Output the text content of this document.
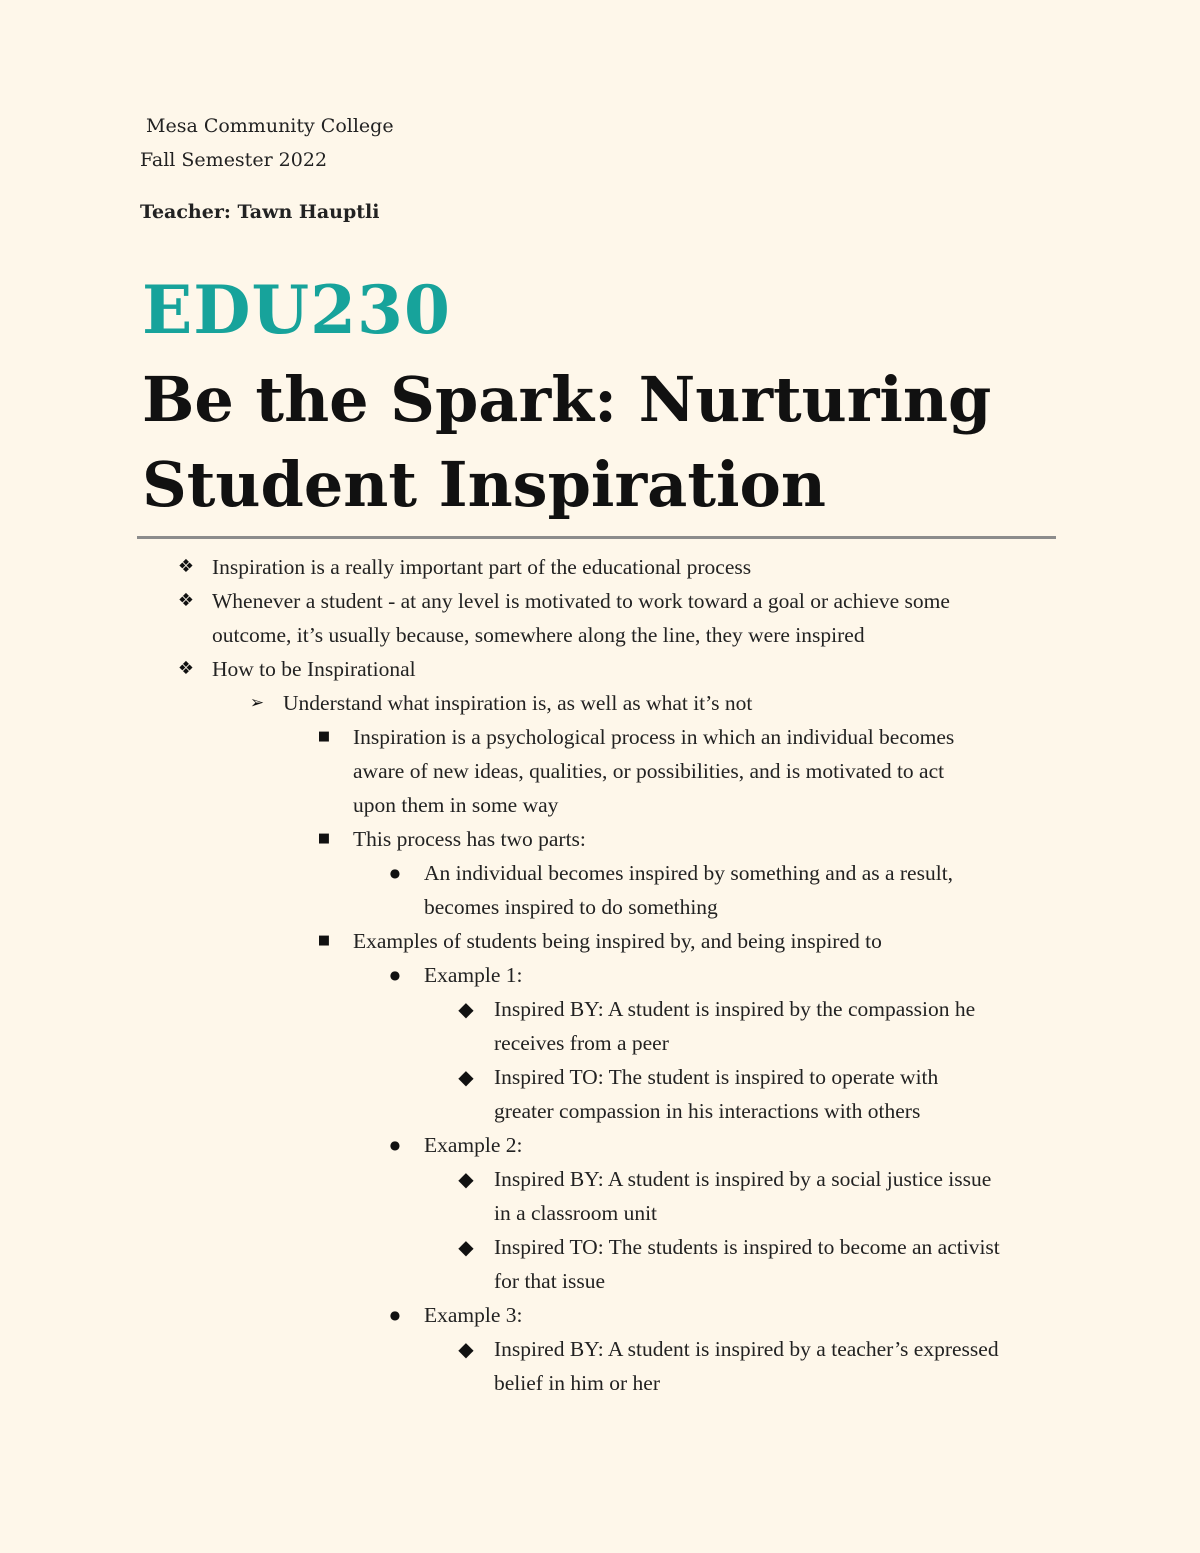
Mesa Community College
Fall Semester 2022
Teacher: Tawn Hauptli
EDU230
Be the Spark: Nurturing Student Inspiration
❖ Inspiration is a really important part of the educational process
❖ Whenever a student - at any level is motivated to work toward a goal or achieve some
outcome, it’s usually because, somewhere along the line, they were inspired
❖ How to be Inspirational
➢ Understand what inspiration is, as well as what it’s not
■ Inspiration is a psychological process in which an individual becomes
aware of new ideas, qualities, or possibilities, and is motivated to act
upon them in some way
■ This process has two parts:
● An individual becomes inspired by something and as a result,
becomes inspired to do something
■ Examples of students being inspired by, and being inspired to
● Example 1:
◆ Inspired BY: A student is inspired by the compassion he
receives from a peer
◆ Inspired TO: The student is inspired to operate with
greater compassion in his interactions with others
● Example 2:
◆ Inspired BY: A student is inspired by a social justice issue
in a classroom unit
◆ Inspired TO: The students is inspired to become an activist
for that issue
● Example 3:
◆ Inspired BY: A student is inspired by a teacher’s expressed
belief in him or her
